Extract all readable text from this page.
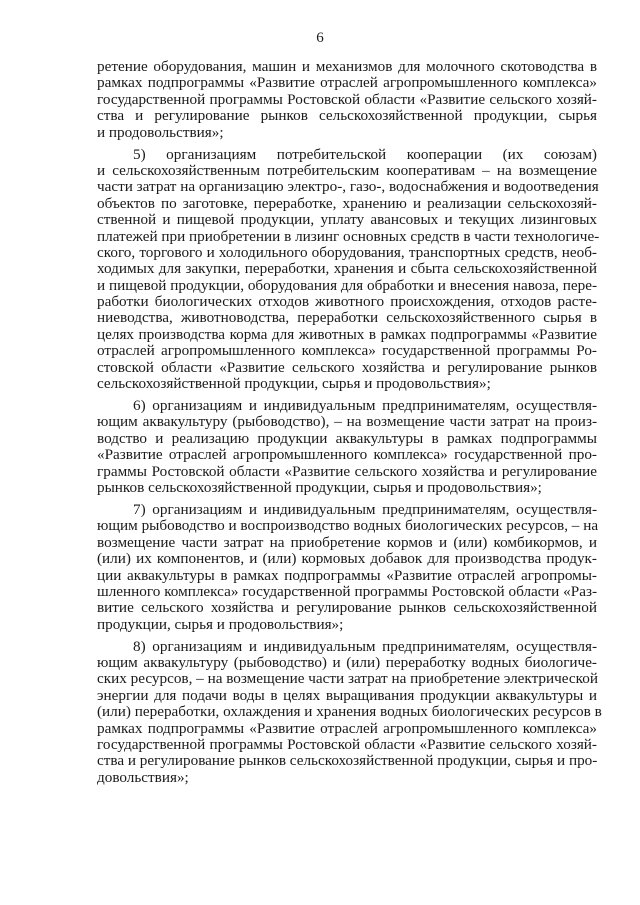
6
ретение оборудования, машин и механизмов для молочного скотоводства в
рамках подпрограммы «Развитие отраслей агропромышленного комплекса»
государственной программы Ростовской области «Развитие сельского хозяй-
ства и регулирование рынков сельскохозяйственной продукции, сырья
и продовольствия»;
5) организациям потребительской кооперации (их союзам)
и сельскохозяйственным потребительским кооперативам – на возмещение
части затрат на организацию электро-, газо-, водоснабжения и водоотведения
объектов по заготовке, переработке, хранению и реализации сельскохозяй-
ственной и пищевой продукции, уплату авансовых и текущих лизинговых
платежей при приобретении в лизинг основных средств в части технологиче-
ского, торгового и холодильного оборудования, транспортных средств, необ-
ходимых для закупки, переработки, хранения и сбыта сельскохозяйственной
и пищевой продукции, оборудования для обработки и внесения навоза, пере-
работки биологических отходов животного происхождения, отходов расте-
ниеводства, животноводства, переработки сельскохозяйственного сырья в
целях производства корма для животных в рамках подпрограммы «Развитие
отраслей агропромышленного комплекса» государственной программы Ро-
стовской области «Развитие сельского хозяйства и регулирование рынков
сельскохозяйственной продукции, сырья и продовольствия»;
6) организациям и индивидуальным предпринимателям, осуществля-
ющим аквакультуру (рыбоводство), – на возмещение части затрат на произ-
водство и реализацию продукции аквакультуры в рамках подпрограммы
«Развитие отраслей агропромышленного комплекса» государственной про-
граммы Ростовской области «Развитие сельского хозяйства и регулирование
рынков сельскохозяйственной продукции, сырья и продовольствия»;
7) организациям и индивидуальным предпринимателям, осуществля-
ющим рыбоводство и воспроизводство водных биологических ресурсов, – на
возмещение части затрат на приобретение кормов и (или) комбикормов, и
(или) их компонентов, и (или) кормовых добавок для производства продук-
ции аквакультуры в рамках подпрограммы «Развитие отраслей агропромы-
шленного комплекса» государственной программы Ростовской области «Раз-
витие сельского хозяйства и регулирование рынков сельскохозяйственной
продукции, сырья и продовольствия»;
8) организациям и индивидуальным предпринимателям, осуществля-
ющим аквакультуру (рыбоводство) и (или) переработку водных биологиче-
ских ресурсов, – на возмещение части затрат на приобретение электрической
энергии для подачи воды в целях выращивания продукции аквакультуры и
(или) переработки, охлаждения и хранения водных биологических ресурсов в
рамках подпрограммы «Развитие отраслей агропромышленного комплекса»
государственной программы Ростовской области «Развитие сельского хозяй-
ства и регулирование рынков сельскохозяйственной продукции, сырья и про-
довольствия»;
